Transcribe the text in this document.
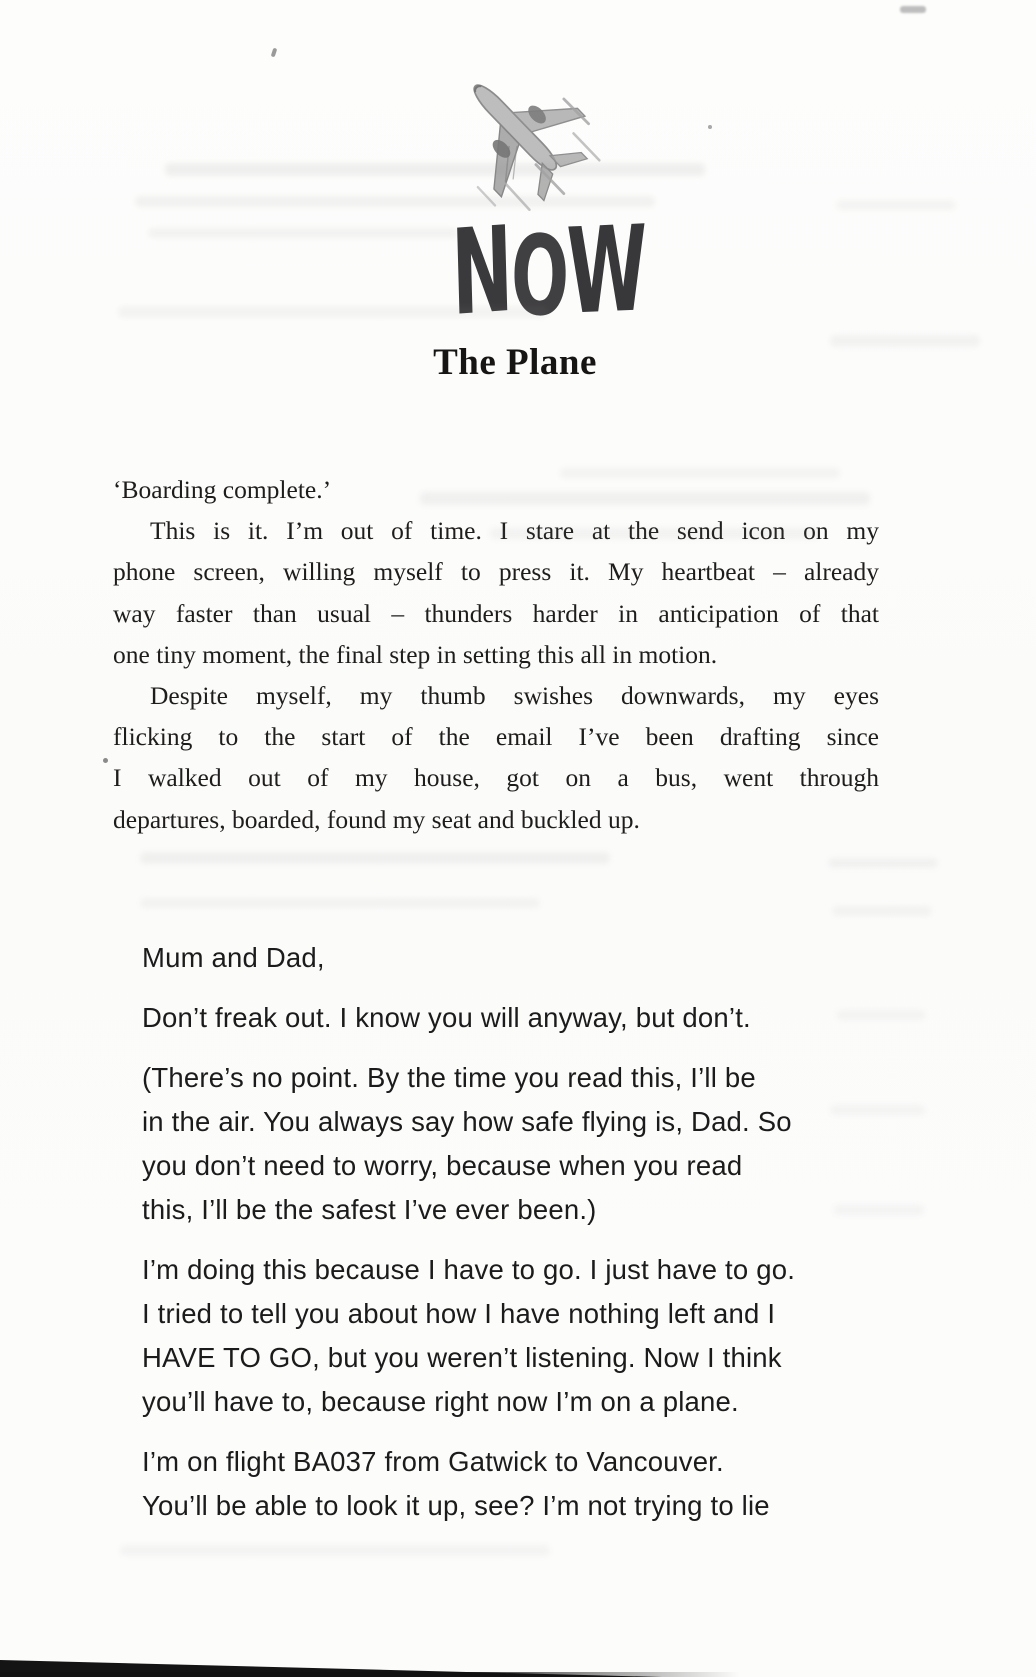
NOW
The Plane

‘Boarding complete.’

This is it. I’m out of time. I stare at the send icon on my
phone screen, willing myself to press it. My heartbeat – already
way faster than usual – thunders harder in anticipation of that
one tiny moment, the final step in setting this all in motion.

Despite myself, my thumb swishes downwards, my eyes
flicking to the start of the email I’ve been drafting since
I walked out of my house, got on a bus, went through
departures, boarded, found my seat and buckled up.

Mum and Dad,

Don’t freak out. I know you will anyway, but don’t.

(There’s no point. By the time you read this, I’ll be
in the air. You always say how safe flying is, Dad. So
you don’t need to worry, because when you read
this, I’ll be the safest I’ve ever been.)

I’m doing this because I have to go. I just have to go.
I tried to tell you about how I have nothing left and I
HAVE TO GO, but you weren’t listening. Now I think
you’ll have to, because right now I’m on a plane.

I’m on flight BA037 from Gatwick to Vancouver.
You’ll be able to look it up, see? I’m not trying to lie
